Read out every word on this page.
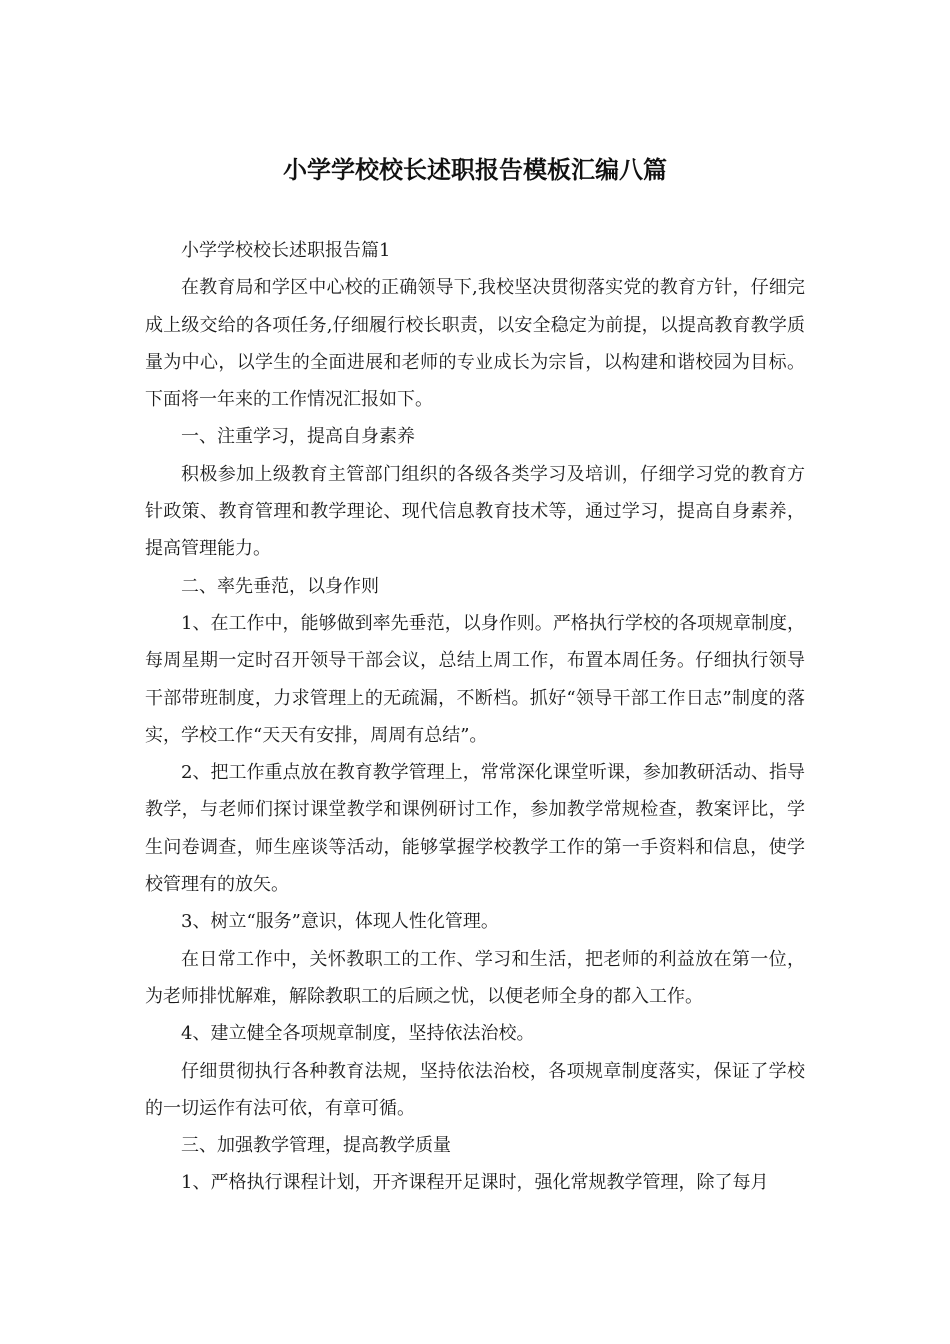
小学学校校长述职报告模板汇编八篇

小学学校校长述职报告篇1

在教育局和学区中心校的正确领导下,我校坚决贯彻落实党的教育方针，仔细完成上级交给的各项任务,仔细履行校长职责，以安全稳定为前提，以提高教育教学质量为中心，以学生的全面进展和老师的专业成长为宗旨，以构建和谐校园为目标。下面将一年来的工作情况汇报如下。

一、注重学习，提高自身素养

积极参加上级教育主管部门组织的各级各类学习及培训，仔细学习党的教育方针政策、教育管理和教学理论、现代信息教育技术等，通过学习，提高自身素养，提高管理能力。

二、率先垂范，以身作则

1、在工作中，能够做到率先垂范，以身作则。严格执行学校的各项规章制度，每周星期一定时召开领导干部会议，总结上周工作，布置本周任务。仔细执行领导干部带班制度，力求管理上的无疏漏，不断档。抓好“领导干部工作日志”制度的落实，学校工作“天天有安排，周周有总结”。

2、把工作重点放在教育教学管理上，常常深化课堂听课，参加教研活动、指导教学，与老师们探讨课堂教学和课例研讨工作，参加教学常规检查，教案评比，学生问卷调查，师生座谈等活动，能够掌握学校教学工作的第一手资料和信息，使学校管理有的放矢。

3、树立“服务”意识，体现人性化管理。

在日常工作中，关怀教职工的工作、学习和生活，把老师的利益放在第一位，为老师排忧解难，解除教职工的后顾之忧，以便老师全身的都入工作。

4、建立健全各项规章制度，坚持依法治校。

仔细贯彻执行各种教育法规，坚持依法治校，各项规章制度落实，保证了学校的一切运作有法可依，有章可循。

三、加强教学管理，提高教学质量

1、严格执行课程计划，开齐课程开足课时，强化常规教学管理，除了每月
